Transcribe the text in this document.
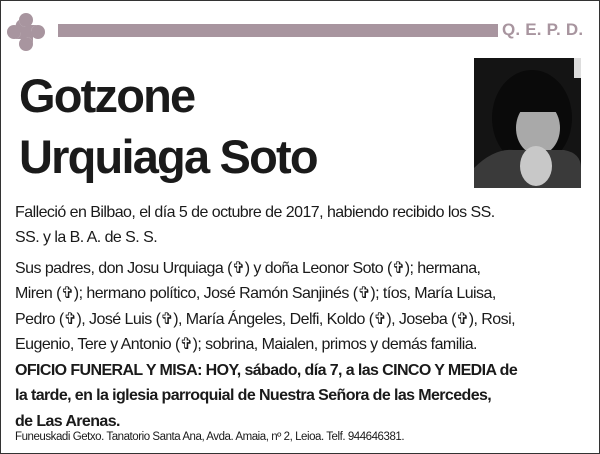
Q. E. P. D.
Gotzone
Urquiaga Soto
Falleció en Bilbao, el día 5 de octubre de 2017, habiendo recibido los SS.
SS. y la B. A. de S. S.
Sus padres, don Josu Urquiaga (✞) y doña Leonor Soto (✞); hermana,
Miren (✞); hermano político, José Ramón Sanjinés (✞); tíos, María Luisa,
Pedro (✞), José Luis (✞), María Ángeles, Delfi, Koldo (✞), Joseba (✞), Rosi,
Eugenio, Tere y Antonio (✞); sobrina, Maialen, primos y demás familia.
OFICIO FUNERAL Y MISA: HOY, sábado, día 7, a las CINCO Y MEDIA de
la tarde, en la iglesia parroquial de Nuestra Señora de las Mercedes,
de Las Arenas.
Funeuskadi Getxo. Tanatorio Santa Ana, Avda. Amaia, nº 2, Leioa. Telf. 944646381.
